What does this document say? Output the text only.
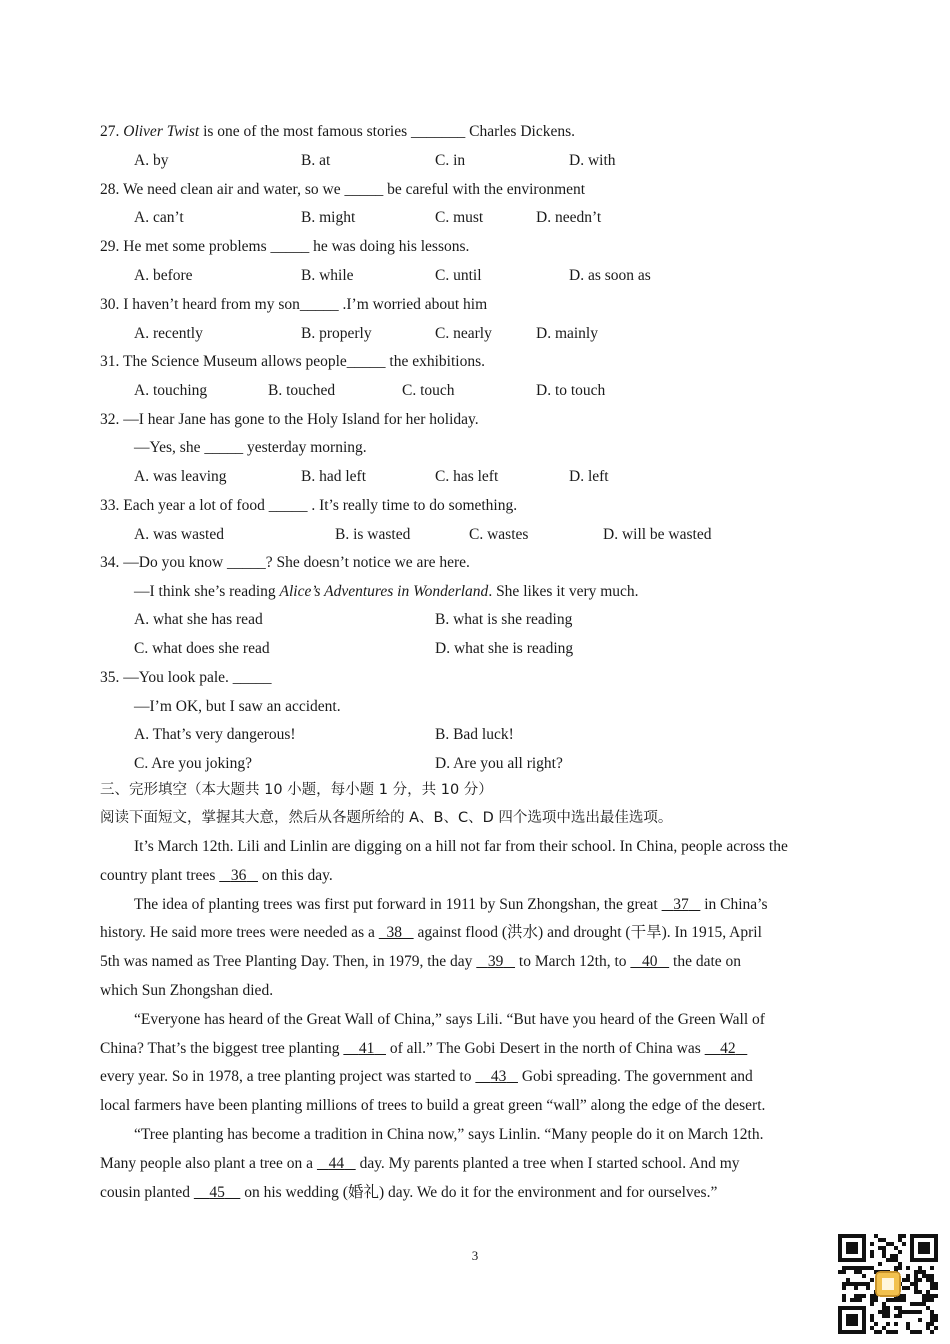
27. Oliver Twist is one of the most famous stories _______ Charles Dickens.
A. by	B. at	C. in	D. with
28. We need clean air and water, so we _____ be careful with the environment
A. can’t	B. might	C. must	D. needn’t
29. He met some problems _____ he was doing his lessons.
A. before	B. while	C. until	D. as soon as
30. I haven’t heard from my son_____ .I’m worried about him
A. recently	B. properly	C. nearly	D. mainly
31. The Science Museum allows people_____ the exhibitions.
A. touching	B. touched	C. touch	D. to touch
32. —I hear Jane has gone to the Holy Island for her holiday.
—Yes, she _____ yesterday morning.
A. was leaving	B. had left	C. has left	D. left
33. Each year a lot of food _____ . It’s really time to do something.
A. was wasted	B. is wasted	C. wastes	D. will be wasted
34. —Do you know _____? She doesn’t notice we are here.
—I think she’s reading Alice’s Adventures in Wonderland. She likes it very much.
A. what she has read	B. what is she reading
C. what does she read	D. what she is reading
35. —You look pale. _____
—I’m OK, but I saw an accident.
A. That’s very dangerous!	B. Bad luck!
C. Are you joking?	D. Are you all right?
三、完形填空（本大题共 10 小题，每小题 1 分，共 10 分）
阅读下面短文，掌握其大意，然后从各题所给的 A、B、C、D 四个选项中选出最佳选项。
It’s March 12th. Lili and Linlin are digging on a hill not far from their school. In China, people across the
country plant trees    36    on this day.
The idea of planting trees was first put forward in 1911 by Sun Zhongshan, the great    37    in China’s
history. He said more trees were needed as a   38    against flood (洪水) and drought (干旱). In 1915, April
5th was named as Tree Planting Day. Then, in 1979, the day    39    to March 12th, to    40    the date on
which Sun Zhongshan died.
“Everyone has heard of the Great Wall of China,” says Lili. “But have you heard of the Green Wall of
China? That’s the biggest tree planting     41    of all.” The Gobi Desert in the north of China was     42
every year. So in 1978, a tree planting project was started to     43    Gobi spreading. The government and
local farmers have been planting millions of trees to build a great green “wall” along the edge of the desert.
“Tree planting has become a tradition in China now,” says Linlin. “Many people do it on March 12th.
Many people also plant a tree on a    44    day. My parents planted a tree when I started school. And my
cousin planted     45     on his wedding (婚礼) day. We do it for the environment and for ourselves.”
3
